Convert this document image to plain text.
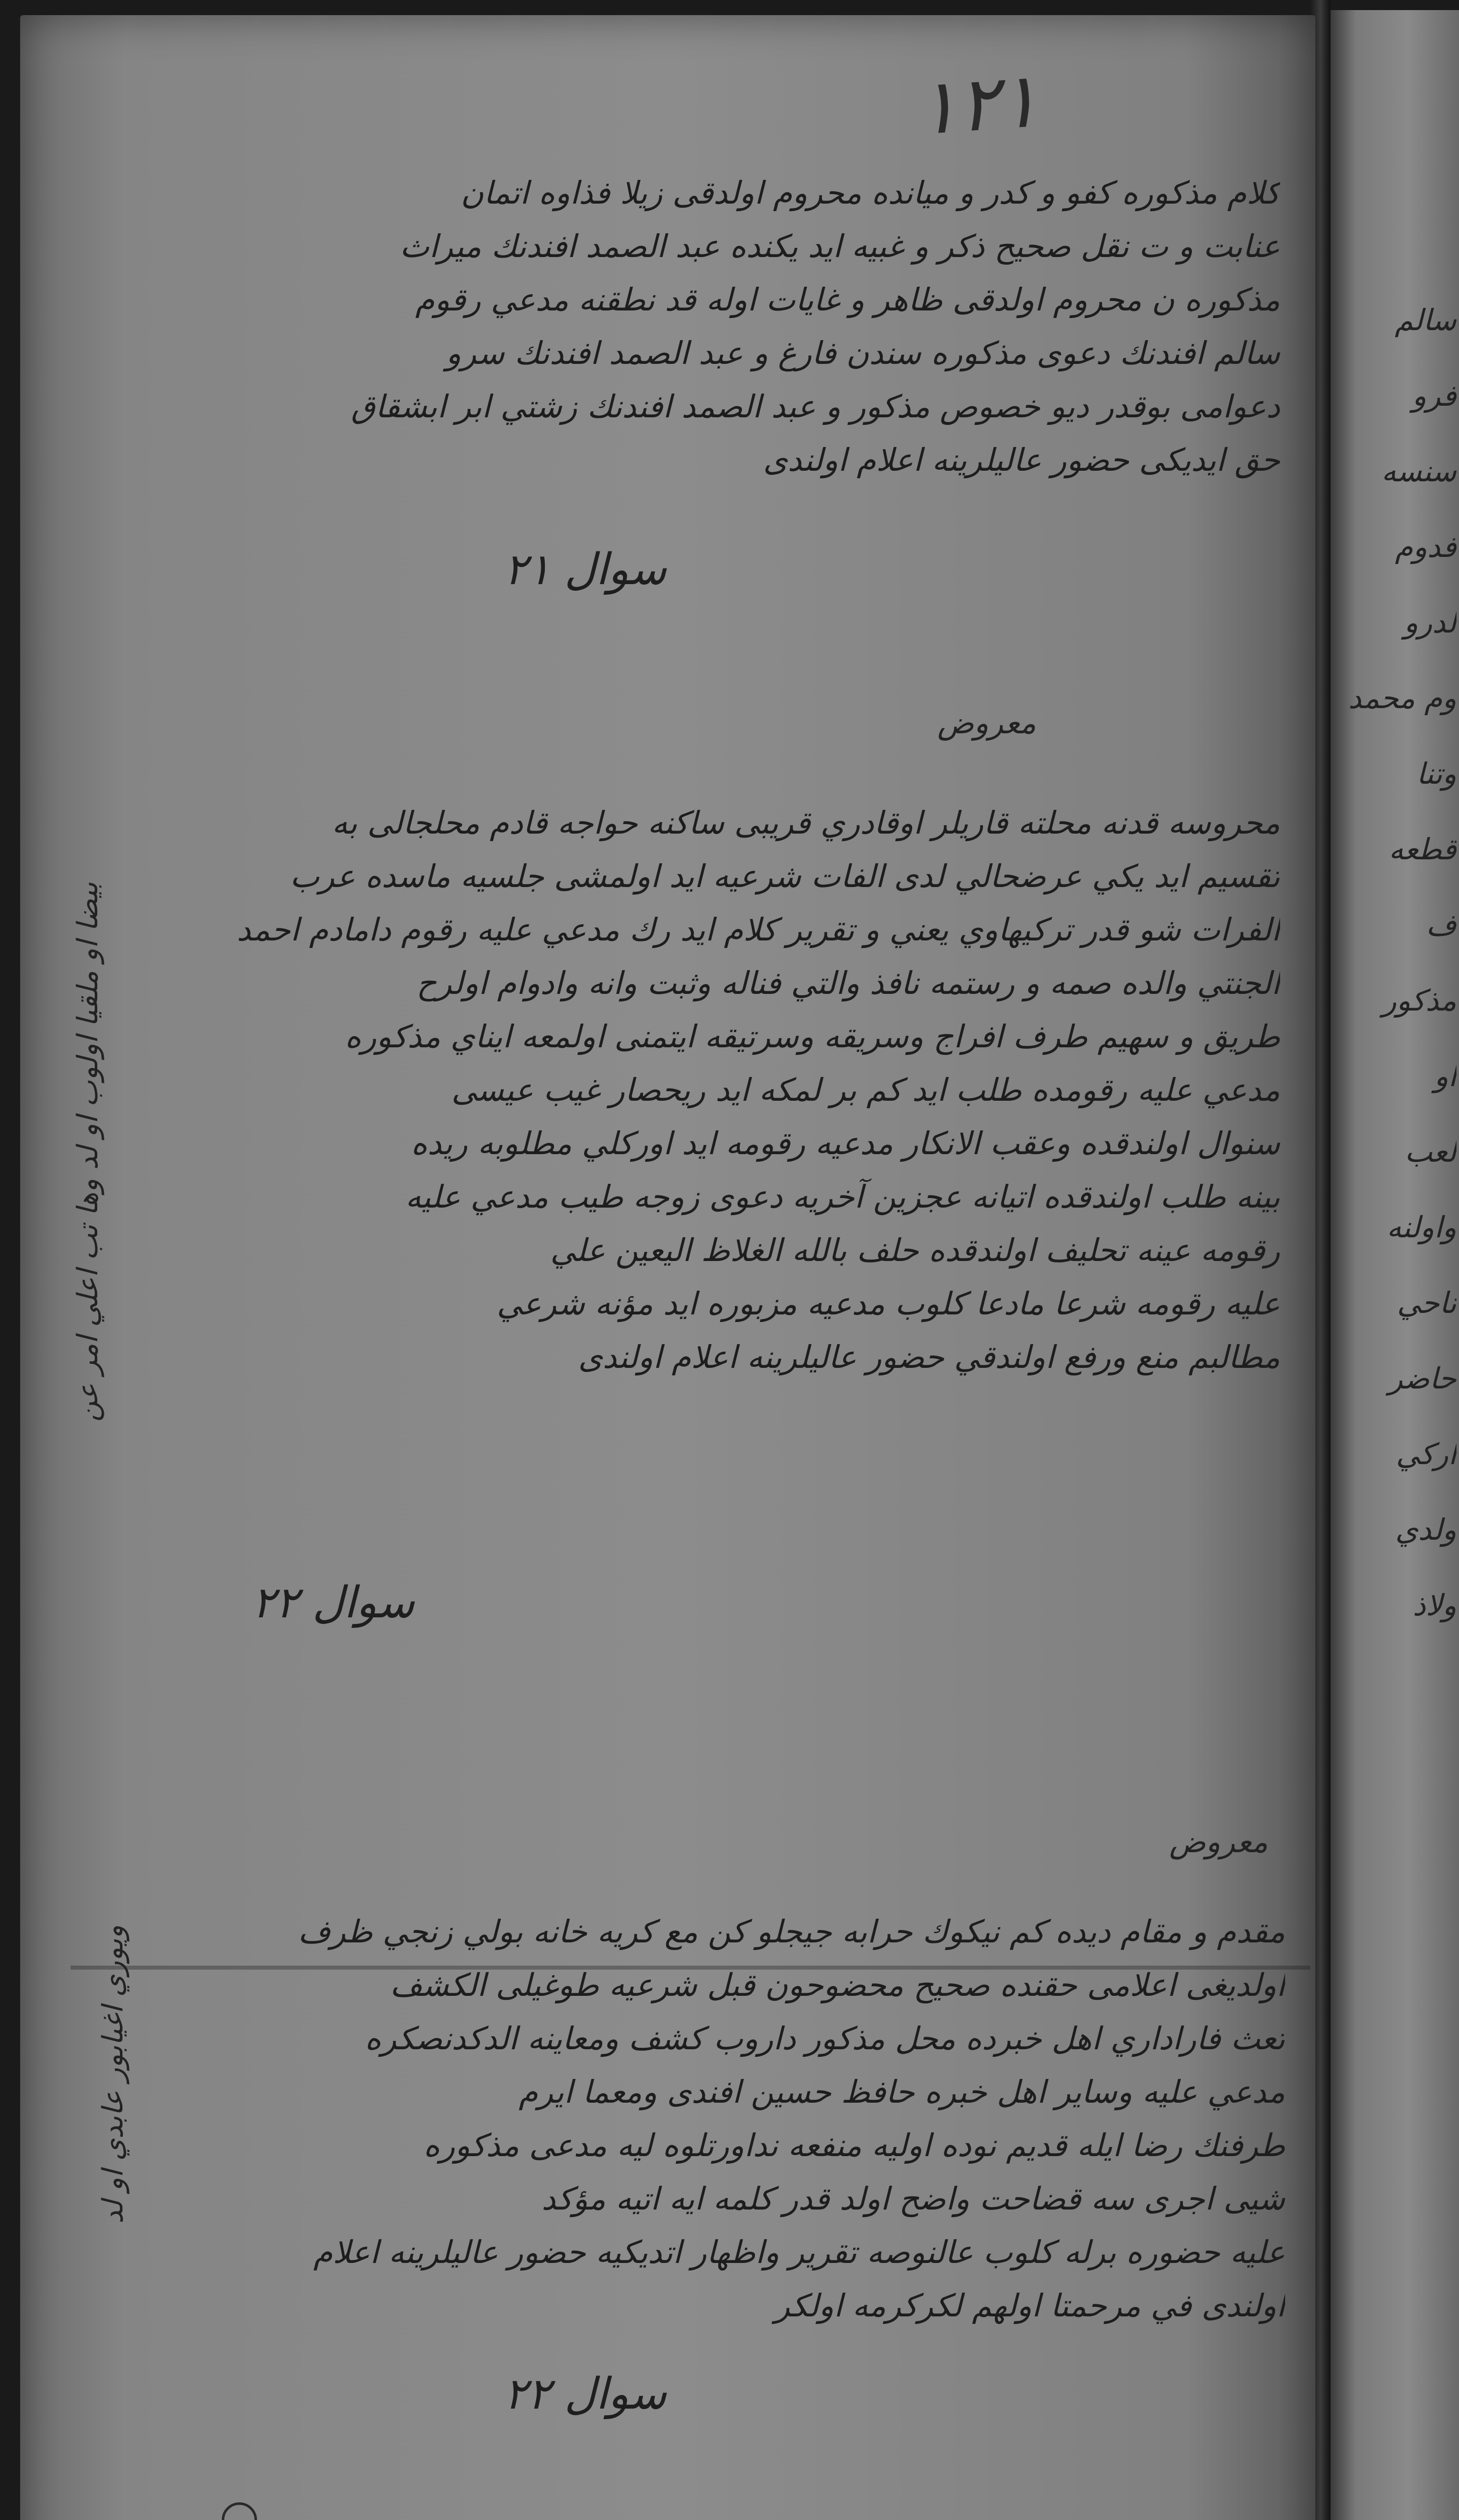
سالم
فرو
سنسه
فدوم
لدرو
وم محمد
وتنا
قطعه
ف
مذكور
او
لعب
واولنه
ناحي
حاضر
اركي
ولدي
ولاذ
١٢١
كلام مذكوره كفو و كدر و ميانده محروم اولدقى زيلا فذاوه اتمان
عنابت و ت نقل صحيح ذكر و غبيه ايد يكنده عبد الصمد افندنك ميراث
مذكوره ن محروم اولدقى ظاهر و غايات اوله قد نطقنه مدعي رقوم
سالم افندنك دعوى مذكوره سندن فارغ و عبد الصمد افندنك سرو
دعوامى بوقدر ديو خصوص مذكور و عبد الصمد افندنك زشتي ابر ابشقاق
حق ايديكى حضور عاليلرينه اعلام اولندى
سوال ٢١
معروض
محروسه قدنه محلته قاريلر اوقادري قريبى ساكنه حواجه قادم محلجالى به
تقسيم ايد يكي عرضحالي لدى الفات شرعيه ايد اولمشى جلسيه ماسده عرب
الفرات شو قدر تركيهاوي يعني و تقرير كلام ايد رك مدعي عليه رقوم دامادم احمد
الجنتي والده صمه و رستمه نافذ والتي فناله وثبت وانه وادوام اولرح
طريق و سهيم طرف افراج وسريقه وسرتيقه ايتمنى اولمعه ايناي مذكوره
مدعي عليه رقومده طلب ايد كم بر لمكه ايد ريحصار غيب عيسى
سنوال اولندقده وعقب الانكار مدعيه رقومه ايد اوركلي مطلوبه ريده
بينه طلب اولندقده اتيانه عجزين آخريه دعوى زوجه طيب مدعي عليه
رقومه عينه تحليف اولندقده حلف بالله الغلاظ اليعين علي
عليه رقومه شرعا مادعا كلوب مدعيه مزبوره ايد مؤنه شرعي
مطالبم منع ورفع اولندقي حضور عاليلرينه اعلام اولندى
سوال ٢٢
معروض
مقدم و مقام ديده كم نيكوك حرابه جيجلو كن مع كريه خانه بولي زنجي ظرف
اولديغى اعلامى حقنده صحيح محضوحون قبل شرعيه طوغيلى الكشف
تعث فاراداري اهل خبرده محل مذكور داروب كشف ومعاينه الدكدنصكره
مدعي عليه وساير اهل خبره حافظ حسين افندى ومعما ايرم
طرفنك رضا ايله قديم نوده اوليه منفعه نداورتلوه ليه مدعى مذكوره
شيى اجرى سه قضاحت واضح اولد قدر كلمه ايه اتيه مؤكد
عليه حضوره برله كلوب عالنوصه تقرير واظهار اتديكيه حضور عاليلرينه اعلام
اولندى في مرحمتا اولهم لكركرمه اولكر
سوال ٢٢
بيضا او ملقيا اولوب او لد وها تب اعلي امر عن
ويوري اغيابور عابدي او لد
